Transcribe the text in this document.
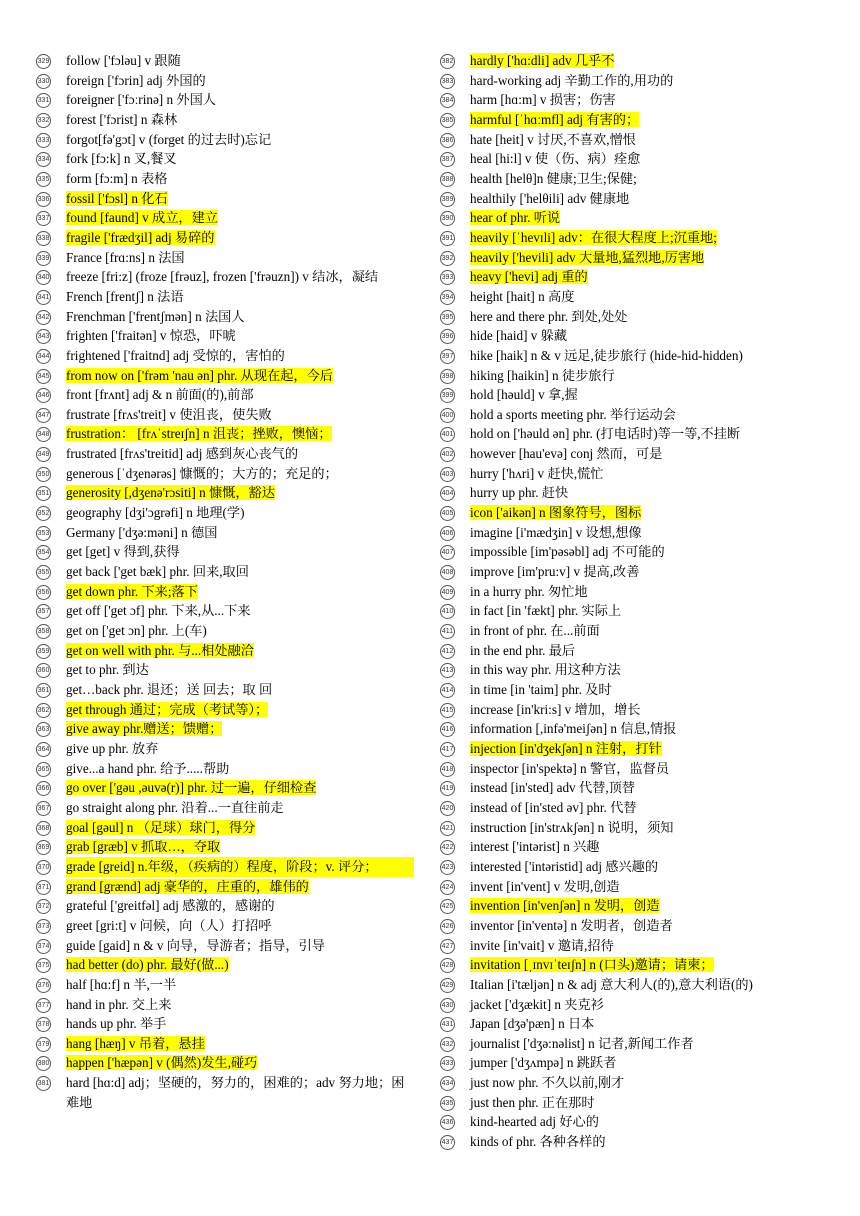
329 follow ['fɔləu] v 跟随
330 foreign ['fɔrin] adj 外国的
331 foreigner ['fɔːrinə] n 外国人
332 forest ['fɔrist] n 森林
333 forgot[fə'gɔt] v (forget 的过去时)忘记
334 fork [fɔ:k] n 叉,餐叉
335 form [fɔ:m] n 表格
336 fossil ['fɔsl] n 化石
337 found [faund] v 成立，建立
338 fragile ['frædʒil] adj 易碎的
339 France [frɑ:ns] n 法国
340 freeze [fri:z] (froze [frəuz], frozen ['frəuzn]) v 结冰，凝结
341 French [frentʃ] n 法语
342 Frenchman ['frentʃmən] n 法国人
343 frighten ['fraitən] v 惊恐，吓唬
344 frightened ['fraitnd] adj 受惊的，害怕的
345 from now on ['frəm 'nau ən] phr. 从现在起，今后
346 front [frʌnt] adj & n 前面(的),前部
347 frustrate [frʌs'treit] v 使沮丧，使失败
348 frustration： [frʌˈstreɪʃn] n 沮丧；挫败，懊恼；
349 frustrated [frʌs'treitid] adj 感到灰心丧气的
350 generous [ˈdʒenərəs] 慷慨的；大方的；充足的；
351 generosity [,dʒenə'rɔsiti] n 慷慨，豁达
352 geography [dʒi'ɔgrəfi] n 地理(学)
353 Germany ['dʒə:məni] n 德国
354 get [get] v 得到,获得
355 get back ['get bæk] phr. 回来,取回
356 get down phr. 下来;落下
357 get off ['get ɔf] phr. 下来,从...下来
358 get on ['get ɔn] phr. 上(车)
359 get on well with phr. 与...相处融洽
360 get to phr. 到达
361 get…back phr. 退还；送 回去；取 回
362 get through 通过；完成（考试等）；
363 give away phr.赠送；馈赠；
364 give up phr. 放弃
365 give...a hand phr. 给予.....帮助
366 go over ['gəu ,əuvə(r)] phr. 过一遍，仔细检查
367 go straight along phr. 沿着...一直往前走
368 goal [gəul] n （足球）球门，得分
369 grab [græb] v 抓取…，夺取
370 grade [greid] n.年级，（疾病的）程度，阶段；v. 评分；
371 grand [grænd] adj 豪华的，庄重的，雄伟的
372 grateful ['greitfəl] adj 感激的，感谢的
373 greet [gri:t] v 问候，向（人）打招呼
374 guide [gaid] n & v 向导，导游者；指导，引导
375 had better (do) phr. 最好(做...)
376 half [hɑ:f] n 半,一半
377 hand in phr. 交上来
378 hands up phr. 举手
379 hang [hæŋ] v 吊着，悬挂
380 happen ['hæpən] v (偶然)发生,碰巧
381 hard [hɑ:d] adj；坚硬的，努力的，困难的；adv 努力地；困难地
382 hardly ['hɑ:dli] adv 几乎不
383 hard-working adj 辛勤工作的,用功的
384 harm [hɑ:m] v 损害；伤害
385 harmful [ˈhɑːmfl] adj 有害的；
386 hate [heit] v 讨厌,不喜欢,憎恨
387 heal [hi:l] v 使（伤、病）痊愈
388 health [helθ]n 健康;卫生;保健;
389 healthily ['helθili] adv 健康地
390 hear of phr. 听说
391 heavily [ˈhevɪli] adv：在很大程度上;沉重地;
392 heavily ['hevili] adv 大量地,猛烈地,厉害地
393 heavy ['hevi] adj 重的
394 height [hait] n 高度
395 here and there phr. 到处,处处
396 hide [haid] v 躲藏
397 hike [haik] n & v 远足,徒步旅行 (hide-hid-hidden)
398 hiking [haikin] n 徒步旅行
399 hold [həuld] v 拿,握
400 hold a sports meeting phr. 举行运动会
401 hold on ['həuld ən] phr. (打电话时)等一等,不挂断
402 however [hau'evə] conj 然而，可是
403 hurry ['hʌri] v 赶快,慌忙
404 hurry up phr. 赶快
405 icon ['aikən] n 图象符号，图标
406 imagine [i'mædʒin] v 设想,想像
407 impossible [im'pəsəbl] adj 不可能的
408 improve [im'pru:v] v 提高,改善
409 in a hurry phr. 匆忙地
410 in fact [in 'fækt] phr. 实际上
411 in front of phr. 在...前面
412 in the end phr. 最后
413 in this way phr. 用这种方法
414 in time [in 'taim] phr. 及时
415 increase [in'kri:s] v 增加，增长
416 information [,infə'meiʃən] n 信息,情报
417 injection [in'dʒekʃən] n 注射，打针
418 inspector [in'spektə] n 警官，监督员
419 instead [in'sted] adv 代替,顶替
420 instead of [in'sted əv] phr. 代替
421 instruction [in'strʌkʃən] n 说明，须知
422 interest ['intərist] n 兴趣
423 interested ['intəristid] adj 感兴趣的
424 invent [in'vent] v 发明,创造
425 invention [in'venʃən] n 发明，创造
426 inventor [in'ventə] n 发明者，创造者
427 invite [in'vait] v 邀请,招待
428 invitation [ˌɪnvɪˈteɪʃn] n (口头)邀请；请柬；
429 Italian [i'tæljən] n & adj 意大利人(的),意大利语(的)
430 jacket ['dʒækit] n 夹克衫
431 Japan [dʒə'pæn] n 日本
432 journalist ['dʒə:nəlist] n 记者,新闻工作者
433 jumper ['dʒʌmpə] n 跳跃者
434 just now phr. 不久以前,刚才
435 just then phr. 正在那时
436 kind-hearted adj 好心的
437 kinds of phr. 各种各样的
